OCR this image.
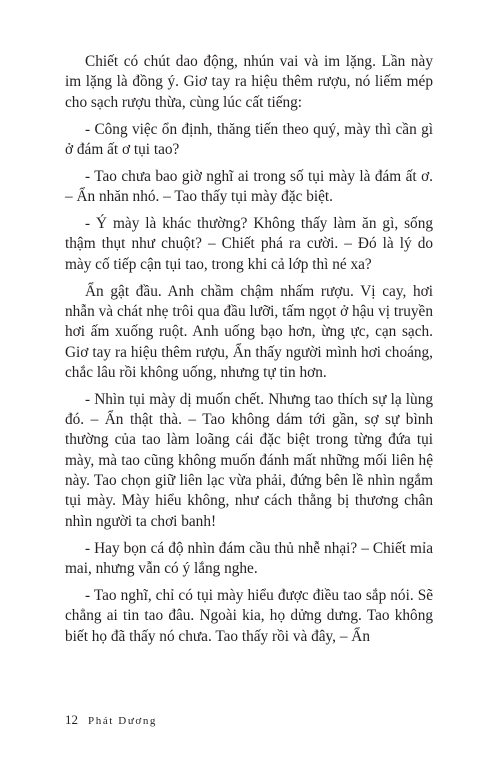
Chiết có chút dao động, nhún vai và im lặng. Lần này im lặng là đồng ý. Giơ tay ra hiệu thêm rượu, nó liếm mép cho sạch rượu thừa, cùng lúc cất tiếng:

- Công việc ổn định, thăng tiến theo quý, mày thì cần gì ở đám ất ơ tụi tao?

- Tao chưa bao giờ nghĩ ai trong số tụi mày là đám ất ơ. – Ẩn nhăn nhó. – Tao thấy tụi mày đặc biệt.

- Ý mày là khác thường? Không thấy làm ăn gì, sống thậm thụt như chuột? – Chiết phá ra cười. – Đó là lý do mày cố tiếp cận tụi tao, trong khi cả lớp thì né xa?

Ẩn gật đầu. Anh chầm chậm nhấm rượu. Vị cay, hơi nhẫn và chát nhẹ trôi qua đầu lưỡi, tấm ngọt ở hậu vị truyền hơi ấm xuống ruột. Anh uống bạo hơn, ừng ực, cạn sạch. Giơ tay ra hiệu thêm rượu, Ẩn thấy người mình hơi choáng, chắc lâu rồi không uống, nhưng tự tin hơn.

- Nhìn tụi mày dị muốn chết. Nhưng tao thích sự lạ lùng đó. – Ẩn thật thà. – Tao không dám tới gần, sợ sự bình thường của tao làm loãng cái đặc biệt trong từng đứa tụi mày, mà tao cũng không muốn đánh mất những mối liên hệ này. Tao chọn giữ liên lạc vừa phải, đứng bên lề nhìn ngắm tụi mày. Mày hiểu không, như cách thằng bị thương chân nhìn người ta chơi banh!

- Hay bọn cá độ nhìn đám cầu thủ nhễ nhại? – Chiết mỉa mai, nhưng vẫn có ý lắng nghe.

- Tao nghĩ, chỉ có tụi mày hiểu được điều tao sắp nói. Sẽ chẳng ai tin tao đâu. Ngoài kia, họ dửng dưng. Tao không biết họ đã thấy nó chưa. Tao thấy rồi và đây, – Ẩn

12 Phát Dương
